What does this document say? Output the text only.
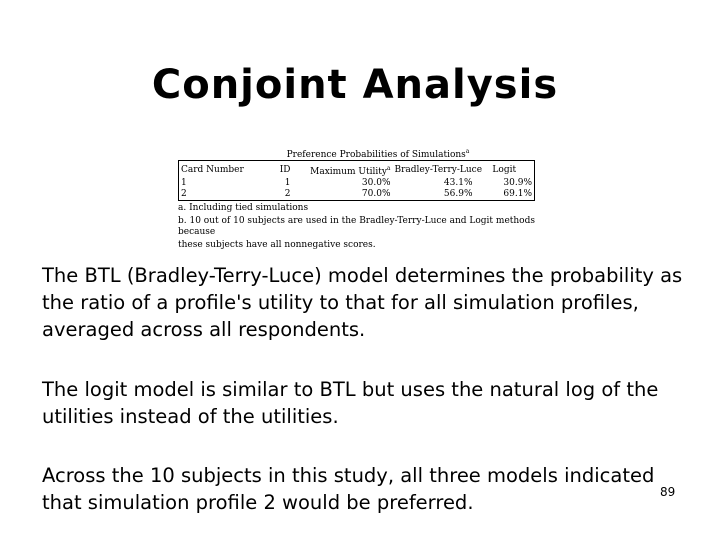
Conjoint Analysis
Preference Probabilities of Simulations$^a$
Card Number	ID	Maximum Utility$^a$	Bradley-Terry-Luce	Logit
1	1	30.0%	43.1%	30.9%
2	2	70.0%	56.9%	69.1%
a. Including tied simulations
b. 10 out of 10 subjects are used in the Bradley-Terry-Luce and Logit methods because
these subjects have all nonnegative scores.
The BTL (Bradley-Terry-Luce) model determines the probability as the ratio of a profile's utility to that for all simulation profiles, averaged across all respondents.
The logit model is similar to BTL but uses the natural log of the utilities instead of the utilities.
Across the 10 subjects in this study, all three models indicated that simulation profile 2 would be preferred.	89
